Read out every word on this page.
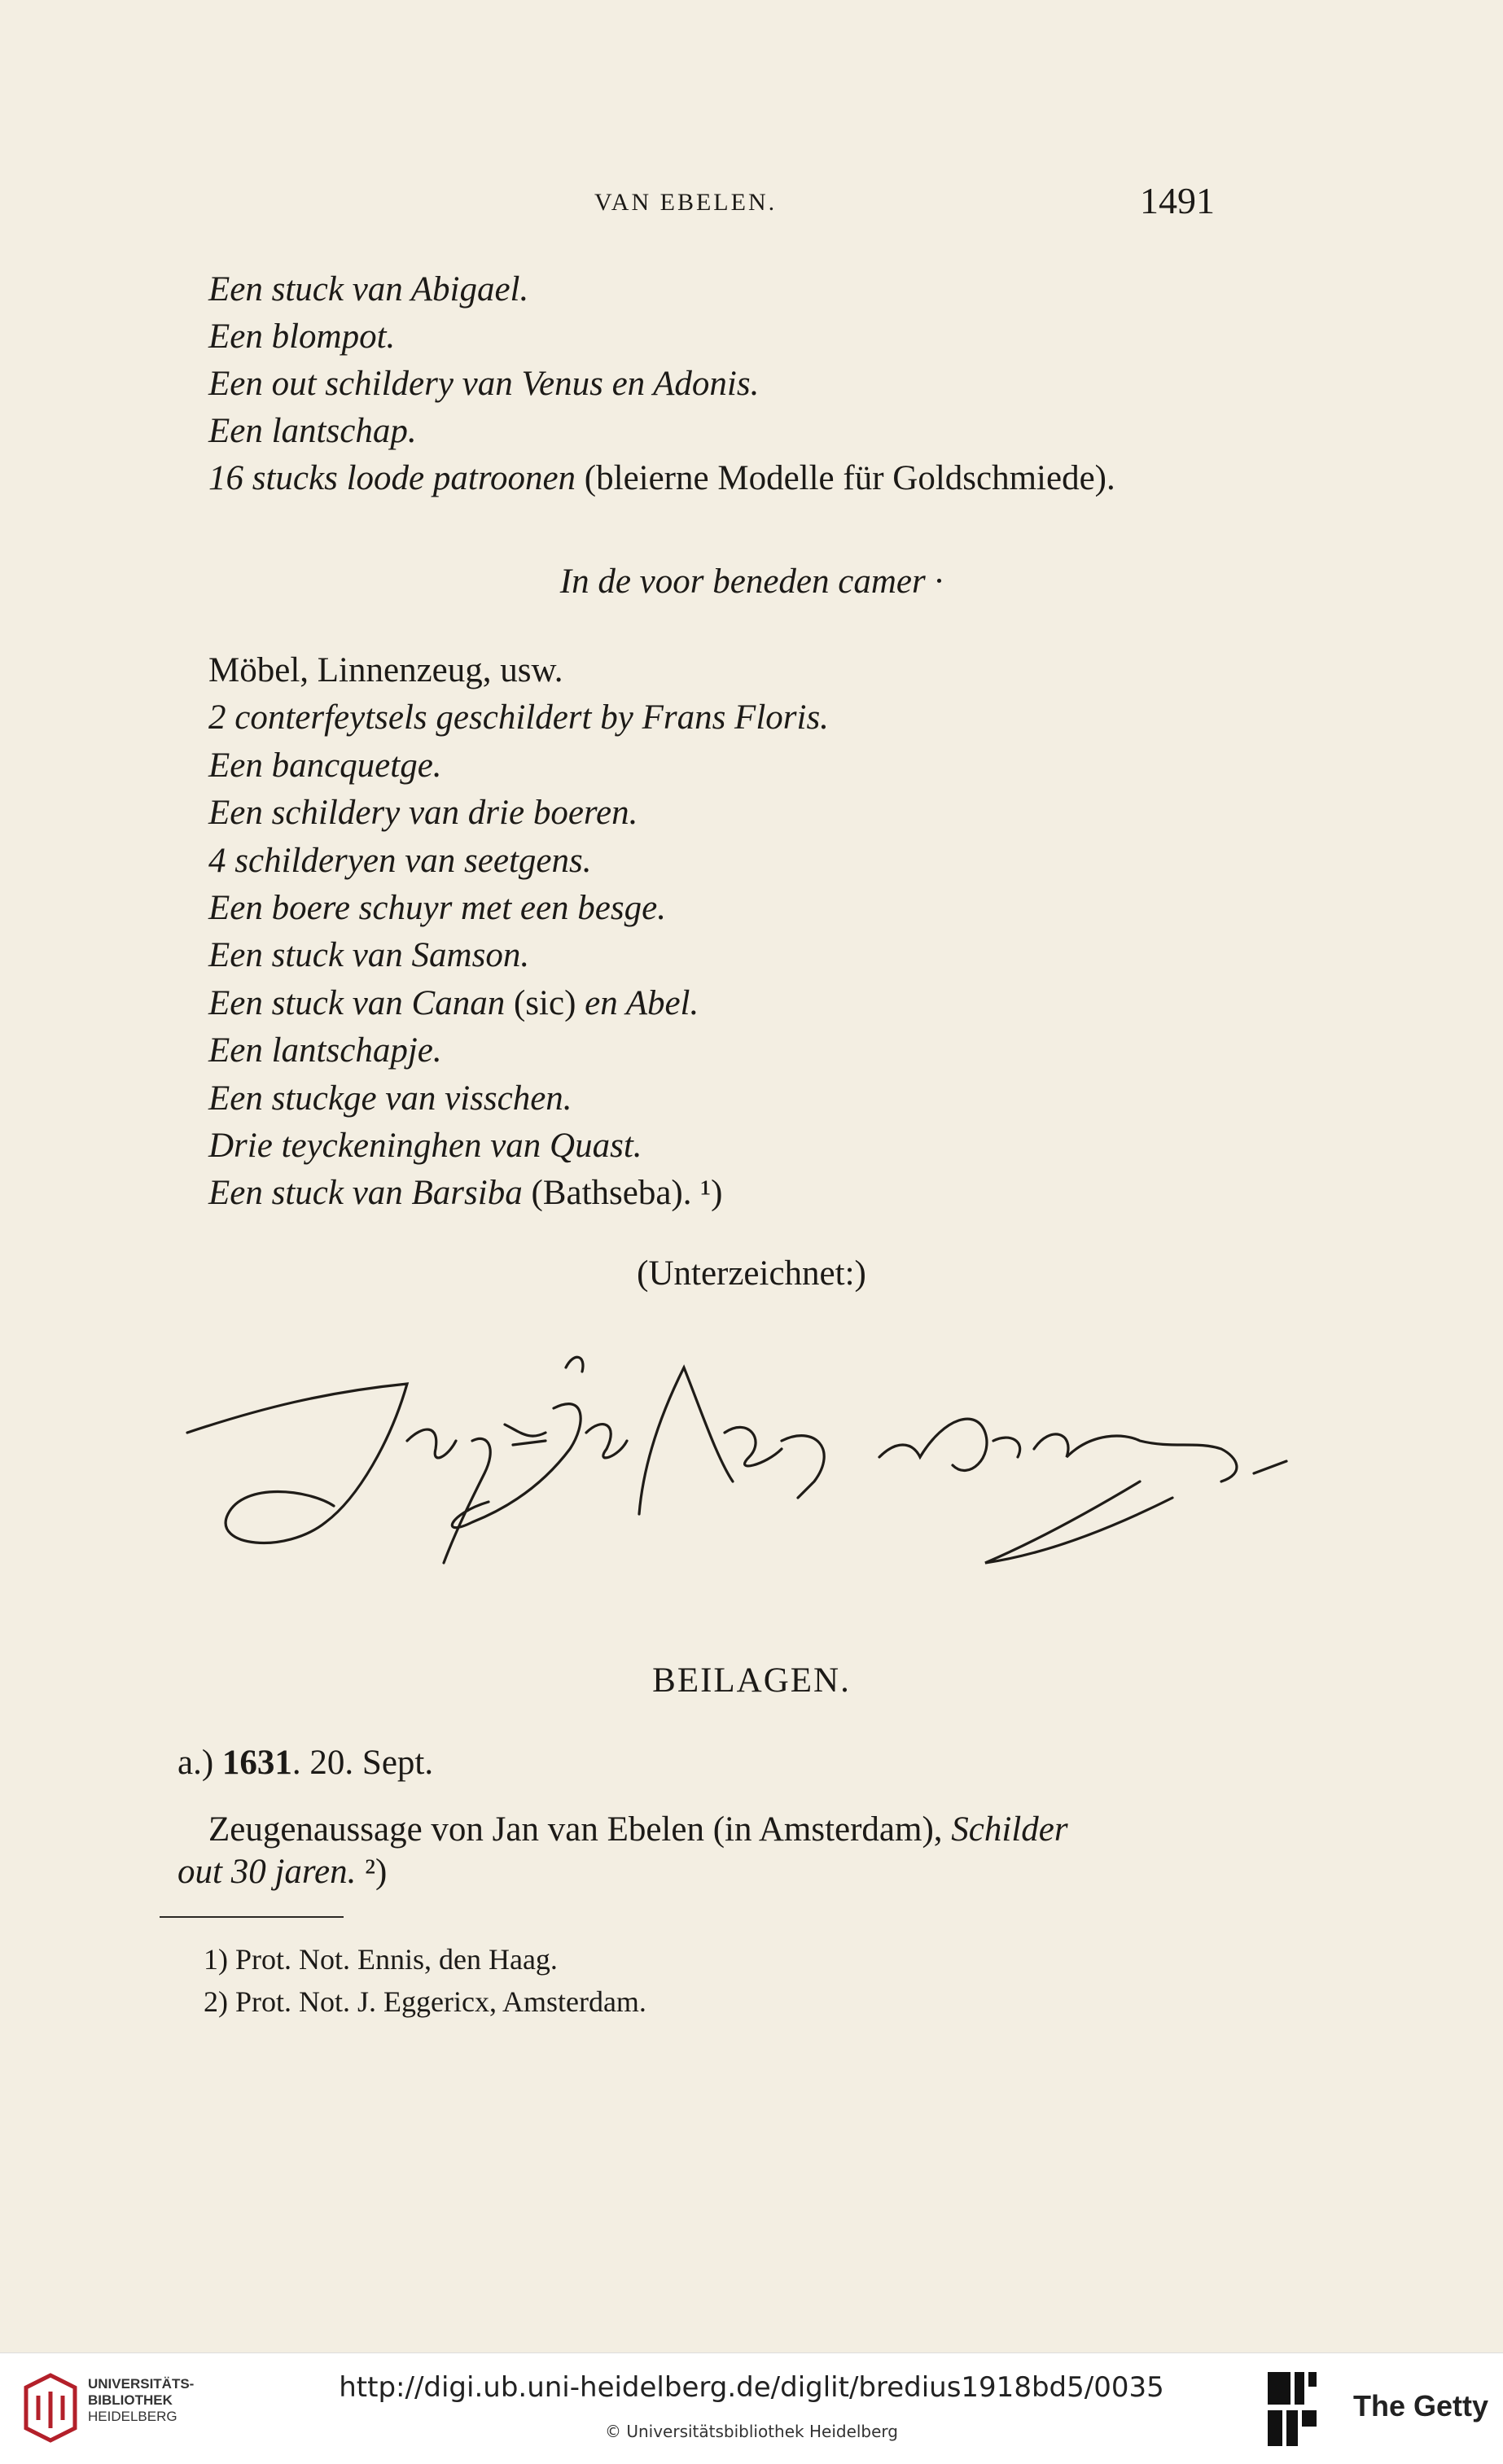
VAN EBELEN.	1491
Een stuck van Abigael.
Een blompot.
Een out schildery van Venus en Adonis.
Een lantschap.
16 stucks loode patroonen (bleierne Modelle für Goldschmiede).
In de voor beneden camer ·
Möbel, Linnenzeug, usw.
2 conterfeytsels geschildert by Frans Floris.
Een bancquetge.
Een schildery van drie boeren.
4 schilderyen van seetgens.
Een boere schuyr met een besge.
Een stuck van Samson.
Een stuck van Canan (sic) en Abel.
Een lantschapje.
Een stuckge van visschen.
Drie teyckeninghen van Quast.
Een stuck van Barsiba (Bathseba). ¹)
(Unterzeichnet:)
BEILAGEN.
a.) 1631. 20. Sept.
Zeugenaussage von Jan van Ebelen (in Amsterdam), Schilder
out 30 jaren. ²)
1) Prot. Not. Ennis, den Haag.
2) Prot. Not. J. Eggericx, Amsterdam.
UNIVERSITÄTS-
BIBLIOTHEK
HEIDELBERG
http://digi.ub.uni-heidelberg.de/diglit/bredius1918bd5/0035
© Universitätsbibliothek Heidelberg
The Getty
